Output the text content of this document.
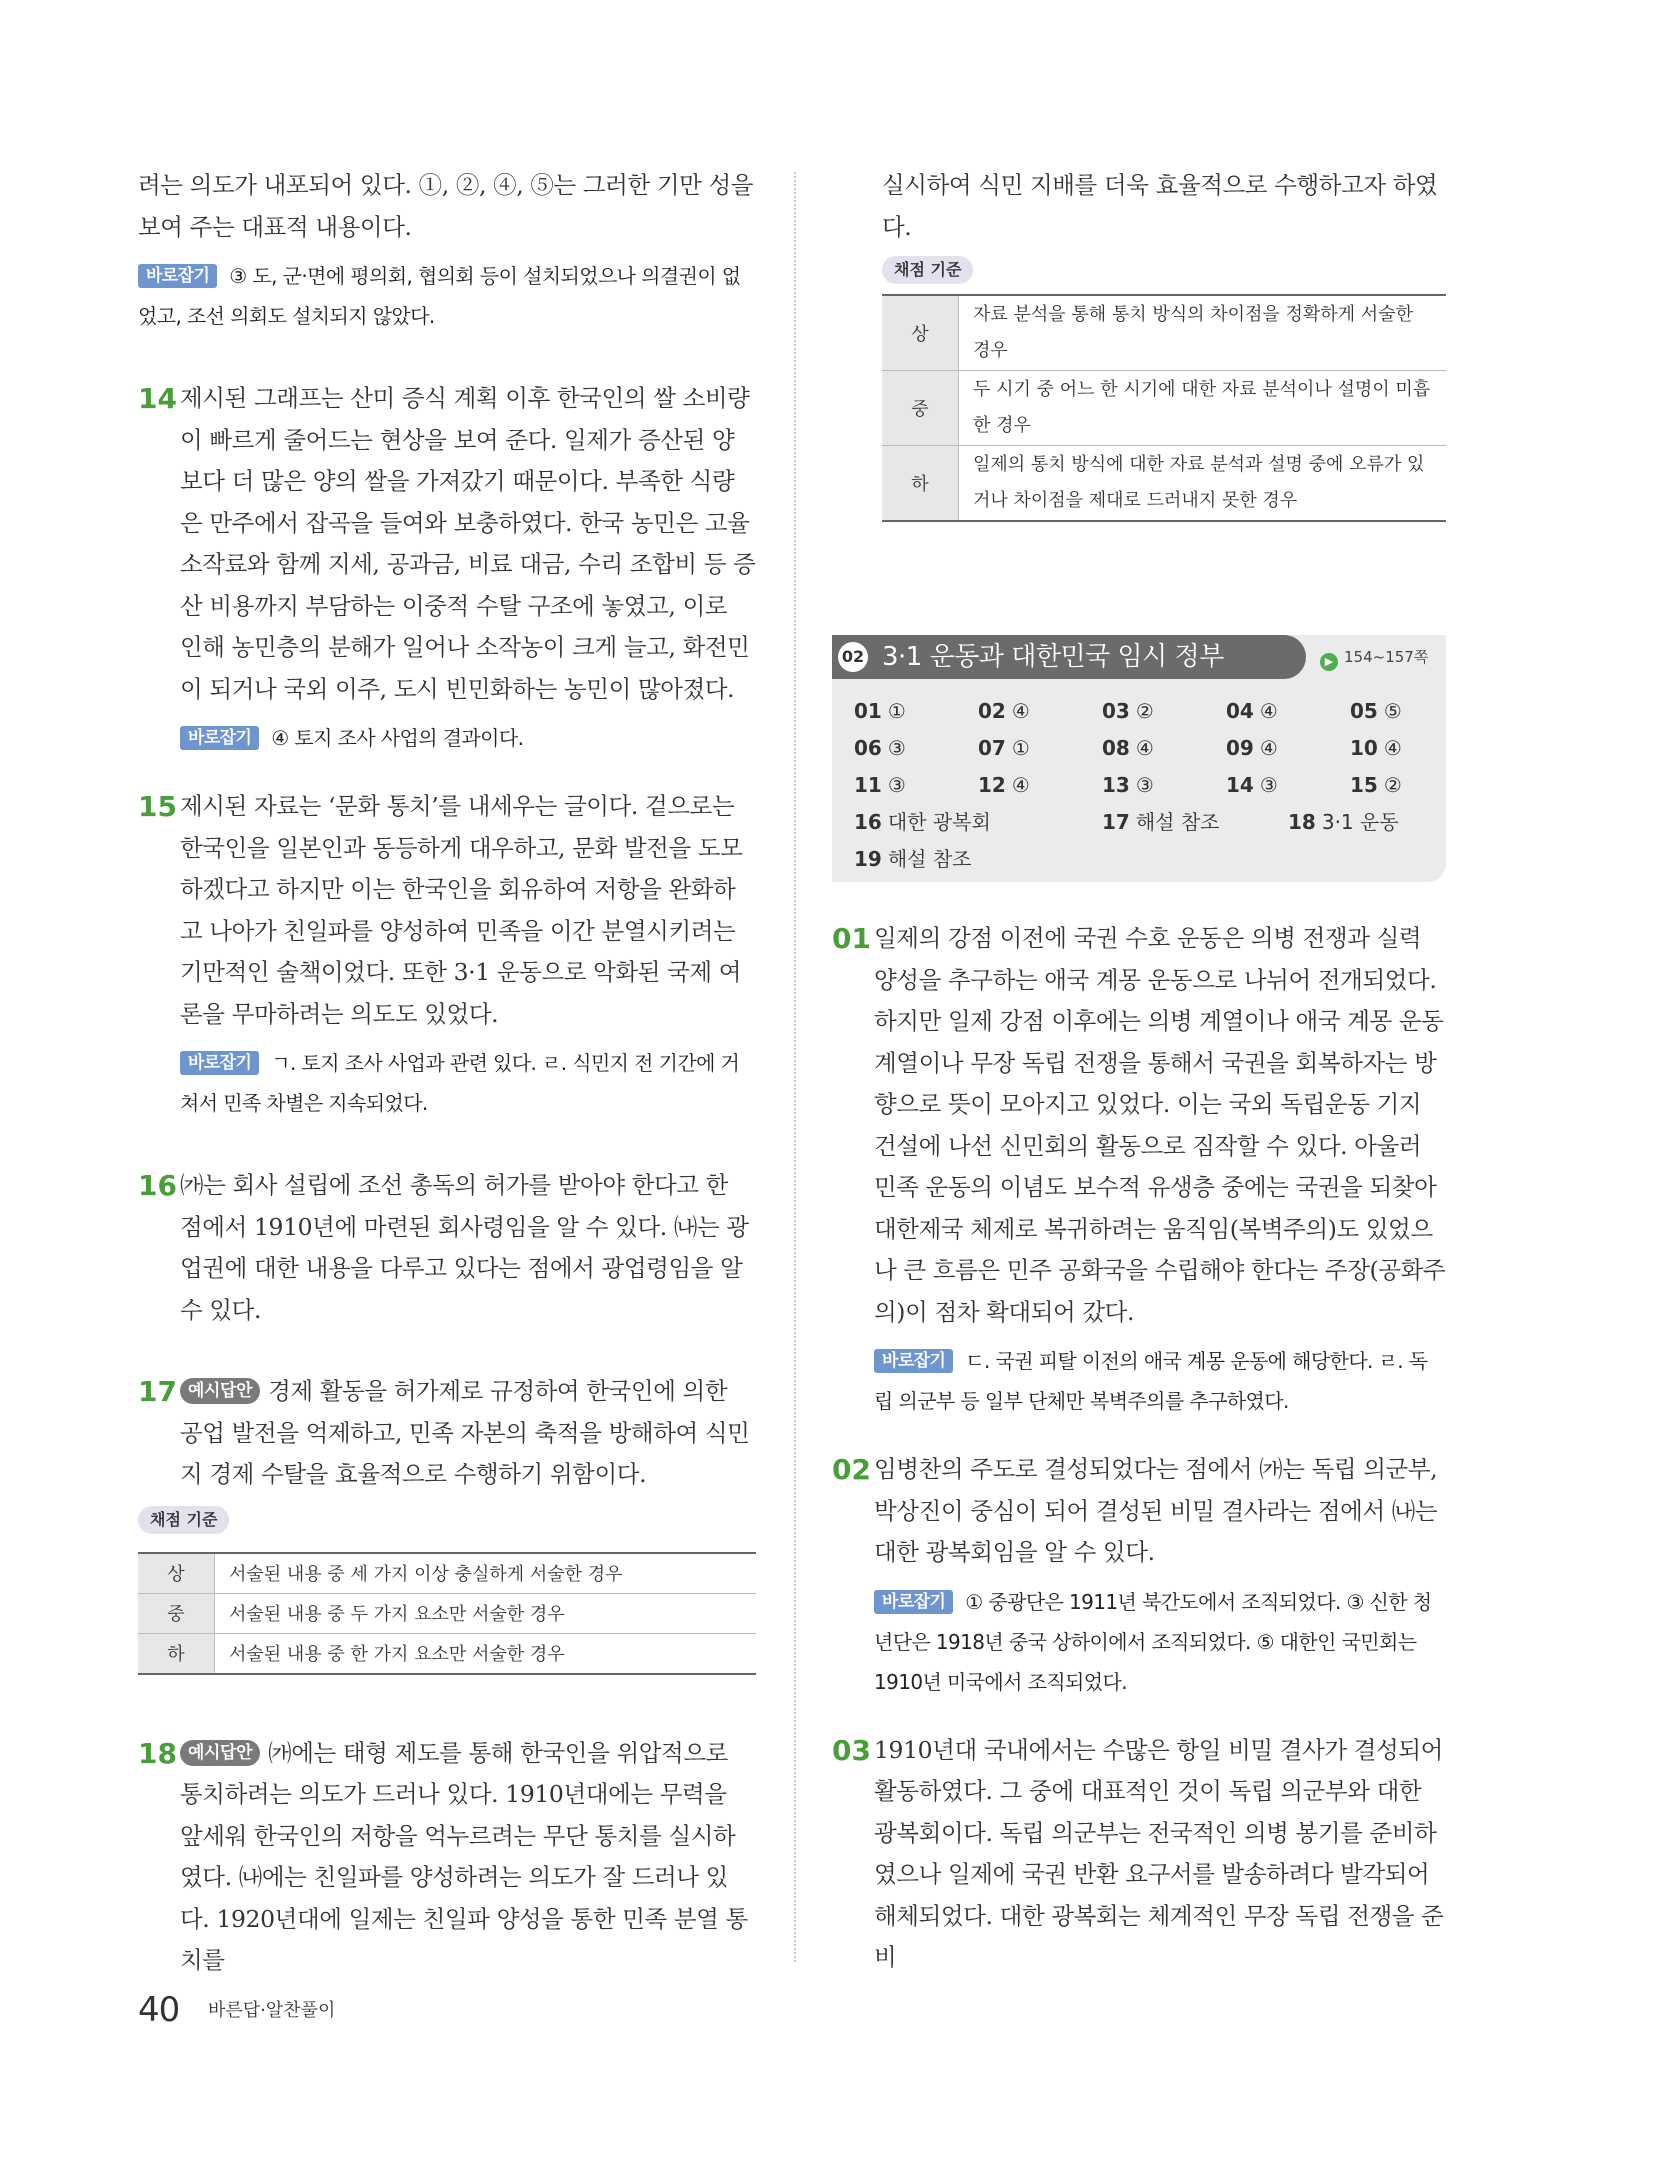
려는 의도가 내포되어 있다. ①, ②, ④, ⑤는 그러한 기만 성을 보여 주는 대표적 내용이다.

바로잡기 ③ 도, 군·면에 평의회, 협의회 등이 설치되었으나 의결권이 없었고, 조선 의회도 설치되지 않았다.

14 제시된 그래프는 산미 증식 계획 이후 한국인의 쌀 소비량이 빠르게 줄어드는 현상을 보여 준다. 일제가 증산된 양보다 더 많은 양의 쌀을 가져갔기 때문이다. 부족한 식량은 만주에서 잡곡을 들여와 보충하였다. 한국 농민은 고율 소작료와 함께 지세, 공과금, 비료 대금, 수리 조합비 등 증산 비용까지 부담하는 이중적 수탈 구조에 놓였고, 이로 인해 농민층의 분해가 일어나 소작농이 크게 늘고, 화전민이 되거나 국외 이주, 도시 빈민화하는 농민이 많아졌다.

바로잡기 ④ 토지 조사 사업의 결과이다.

15 제시된 자료는 ‘문화 통치’를 내세우는 글이다. 겉으로는 한국인을 일본인과 동등하게 대우하고, 문화 발전을 도모하겠다고 하지만 이는 한국인을 회유하여 저항을 완화하고 나아가 친일파를 양성하여 민족을 이간 분열시키려는 기만적인 술책이었다. 또한 3·1 운동으로 악화된 국제 여론을 무마하려는 의도도 있었다.

바로잡기 ㄱ. 토지 조사 사업과 관련 있다. ㄹ. 식민지 전 기간에 거쳐서 민족 차별은 지속되었다.

16 ㈎는 회사 설립에 조선 총독의 허가를 받아야 한다고 한 점에서 1910년에 마련된 회사령임을 알 수 있다. ㈏는 광업권에 대한 내용을 다루고 있다는 점에서 광업령임을 알 수 있다.

17 예시답안 경제 활동을 허가제로 규정하여 한국인에 의한 공업 발전을 억제하고, 민족 자본의 축적을 방해하여 식민지 경제 수탈을 효율적으로 수행하기 위함이다.

채점 기준
상	서술된 내용 중 세 가지 이상 충실하게 서술한 경우
중	서술된 내용 중 두 가지 요소만 서술한 경우
하	서술된 내용 중 한 가지 요소만 서술한 경우
18 예시답안 ㈎에는 태형 제도를 통해 한국인을 위압적으로 통치하려는 의도가 드러나 있다. 1910년대에는 무력을 앞세워 한국인의 저항을 억누르려는 무단 통치를 실시하였다. ㈏에는 친일파를 양성하려는 의도가 잘 드러나 있다. 1920년대에 일제는 친일파 양성을 통한 민족 분열 통치를

실시하여 식민 지배를 더욱 효율적으로 수행하고자 하였다.

채점 기준
상	자료 분석을 통해 통치 방식의 차이점을 정확하게 서술한 경우
중	두 시기 중 어느 한 시기에 대한 자료 분석이나 설명이 미흡한 경우
하	일제의 통치 방식에 대한 자료 분석과 설명 중에 오류가 있거나 차이점을 제대로 드러내지 못한 경우
02 3·1 운동과 대한민국 임시 정부	▶ 154~157쪽
01 ①	02 ④	03 ②	04 ④	05 ⑤
06 ③	07 ①	08 ④	09 ④	10 ④
11 ③	12 ④	13 ③	14 ③	15 ②
16 대한 광복회	17 해설 참조	18 3·1 운동
19 해설 참조
01 일제의 강점 이전에 국권 수호 운동은 의병 전쟁과 실력 양성을 추구하는 애국 계몽 운동으로 나뉘어 전개되었다. 하지만 일제 강점 이후에는 의병 계열이나 애국 계몽 운동 계열이나 무장 독립 전쟁을 통해서 국권을 회복하자는 방향으로 뜻이 모아지고 있었다. 이는 국외 독립운동 기지 건설에 나선 신민회의 활동으로 짐작할 수 있다. 아울러 민족 운동의 이념도 보수적 유생층 중에는 국권을 되찾아 대한제국 체제로 복귀하려는 움직임(복벽주의)도 있었으나 큰 흐름은 민주 공화국을 수립해야 한다는 주장(공화주의)이 점차 확대되어 갔다.

바로잡기 ㄷ. 국권 피탈 이전의 애국 계몽 운동에 해당한다. ㄹ. 독립 의군부 등 일부 단체만 복벽주의를 추구하였다.

02 임병찬의 주도로 결성되었다는 점에서 ㈎는 독립 의군부, 박상진이 중심이 되어 결성된 비밀 결사라는 점에서 ㈏는 대한 광복회임을 알 수 있다.

바로잡기 ① 중광단은 1911년 북간도에서 조직되었다. ③ 신한 청년단은 1918년 중국 상하이에서 조직되었다. ⑤ 대한인 국민회는 1910년 미국에서 조직되었다.

03 1910년대 국내에서는 수많은 항일 비밀 결사가 결성되어 활동하였다. 그 중에 대표적인 것이 독립 의군부와 대한 광복회이다. 독립 의군부는 전국적인 의병 봉기를 준비하였으나 일제에 국권 반환 요구서를 발송하려다 발각되어 해체되었다. 대한 광복회는 체계적인 무장 독립 전쟁을 준비

40 바른답·알찬풀이
